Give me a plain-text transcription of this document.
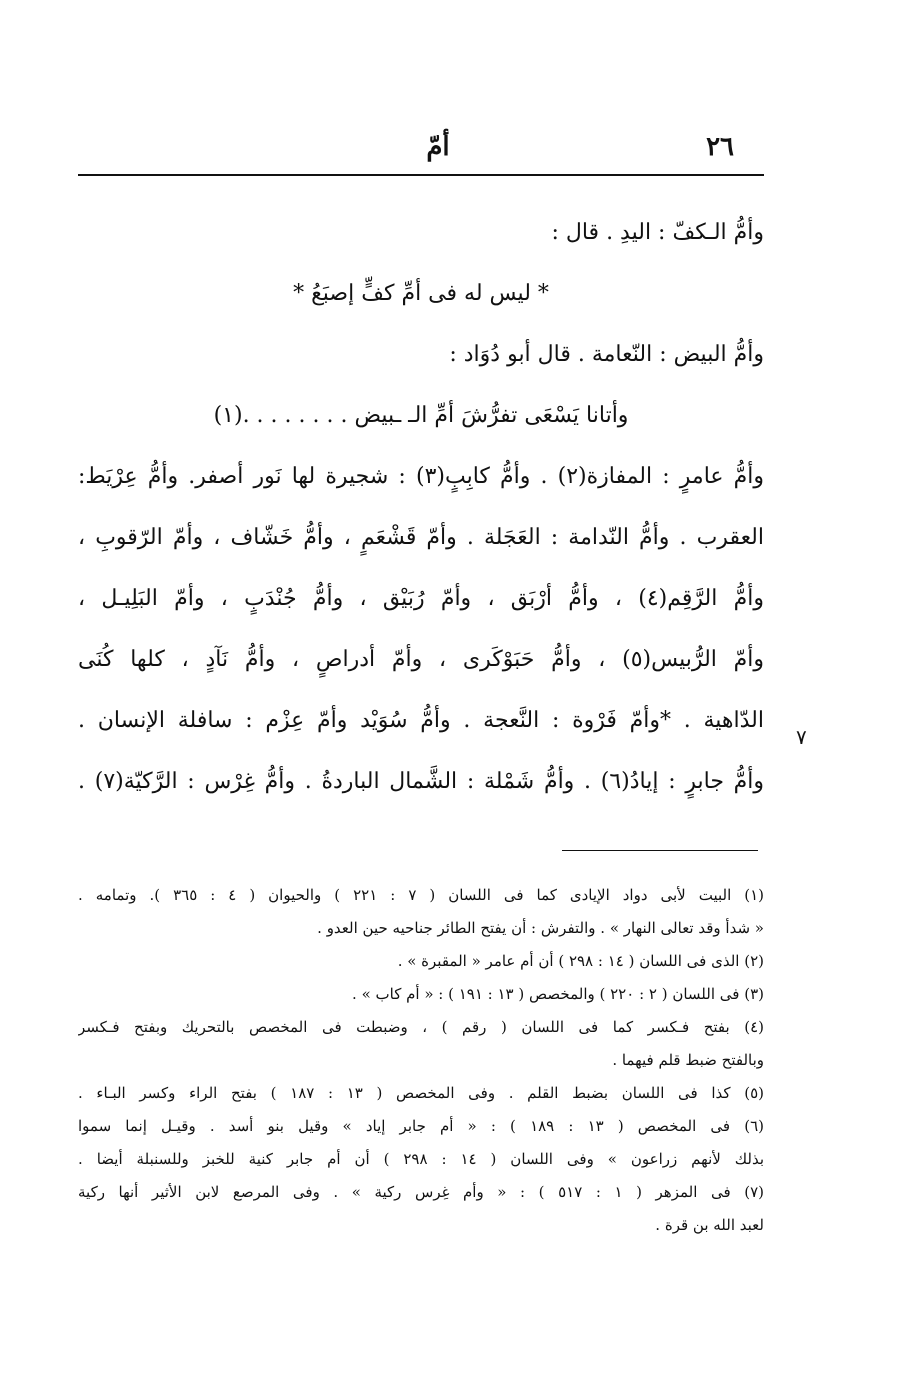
٢٦
أمّ
وأمُّ الـكفّ : اليدِ . قال :
* ليس له فى أمِّ كفٍّ إصبَعُ *
وأمُّ البيض : النّعامة . قال أبو دُوَاد :
وأتانا يَسْعَى تفرُّشَ أمِّ الـ ـبيض . . . . . . . .(١)
وأمُّ عامرٍ : المفازة(٢) . وأمُّ كابِبٍ(٣) : شجيرة لها نَور أصفر. وأمُّ عِرْيَط:
العقرب . وأمُّ النّدامة : العَجَلة . وأمّ قَشْعَمٍ ، وأمُّ خَشّاف ، وأمّ الرّقوبِ ،
وأمُّ الرَّقِم(٤) ، وأمُّ أرْبَق ، وأمّ رُبَيْق ، وأمُّ جُنْدَبٍ ، وأمّ البَلِيـل ،
وأمّ الرُّبيس(٥) ، وأمُّ حَبَوْكَرى ، وأمّ أدراصٍ ، وأمُّ نَآدٍ ، كلها كُنَى
الدّاهية . *وأمّ فَرْوة : النَّعجة . وأمُّ سُوَيْد وأمّ عِزْم : سافلة الإنسان .
وأمُّ جابرٍ : إيادُ(٦) . وأمُّ شَمْلة : الشَّمال الباردةُ . وأمُّ غِرْس : الرَّكيّة(٧) .
٧
(١) البيت لأبى دواد الإيادى كما فى اللسان ( ٧ : ٢٢١ ) والحيوان ( ٤ : ٣٦٥ ). وتمامه .
« شدأ وقد تعالى النهار » . والتفرش : أن يفتح الطائر جناحيه حين العدو .
(٢) الذى فى اللسان ( ١٤ : ٢٩٨ ) أن أم عامر « المقبرة » .
(٣) فى اللسان ( ٢ : ٢٢٠ ) والمخصص ( ١٣ : ١٩١ ) : « أم كاب » .
(٤) بفتح فـكسر كما فى اللسان ( رقم ) ، وضبطت فى المخصص بالتحريك وبفتح فـكسر
وبالفتح ضبط قلم فيهما .
(٥) كذا فى اللسان بضبط القلم . وفى المخصص ( ١٣ : ١٨٧ ) بفتح الراء وكسر البـاء .
(٦) فى المخصص ( ١٣ : ١٨٩ ) : « أم جابر إياد » وقيل بنو أسد . وقيـل إنما سموا
بذلك لأنهم زراعون » وفى اللسان ( ١٤ : ٢٩٨ ) أن أم جابر كنية للخبز وللسنبلة أيضا .
(٧) فى المزهر ( ١ : ٥١٧ ) : « وأم غِرس ركية » . وفى المرصع لابن الأثير أنها ركية
لعبد الله بن قرة .
